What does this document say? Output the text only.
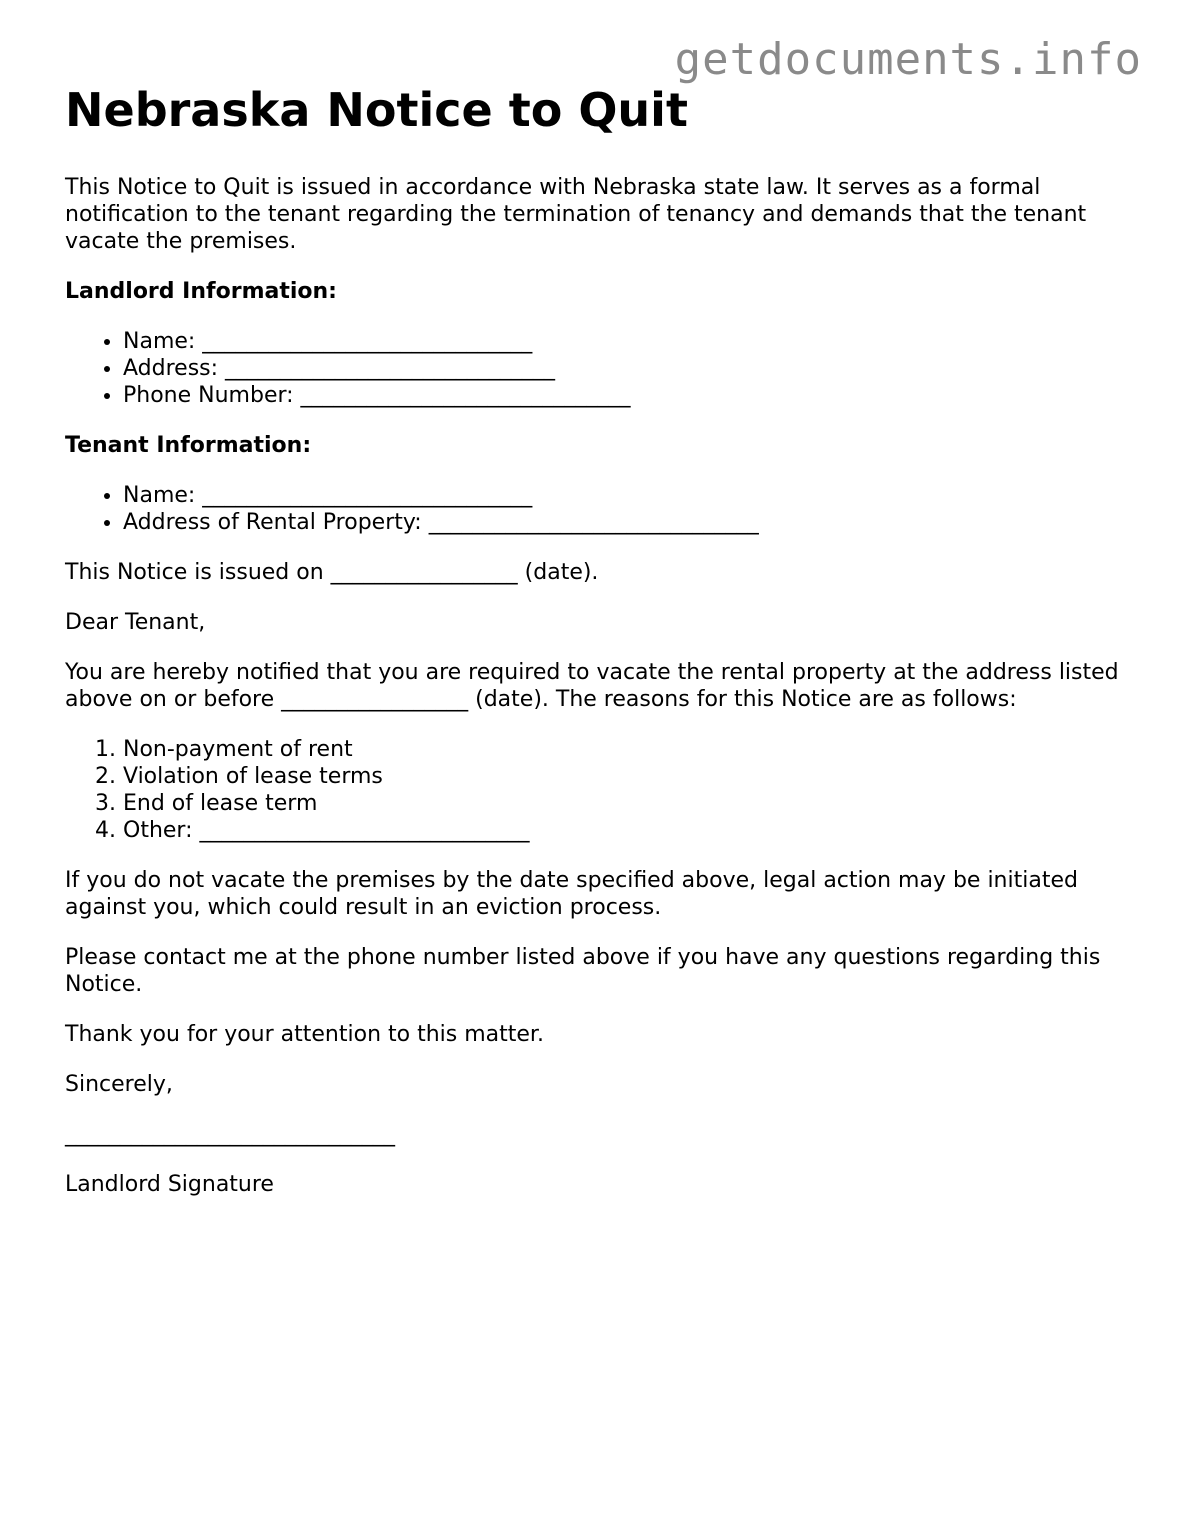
getdocuments.info
Nebraska Notice to Quit

This Notice to Quit is issued in accordance with Nebraska state law. It serves as a formal notification to the tenant regarding the termination of tenancy and demands that the tenant vacate the premises.

Landlord Information:

• Name: ______________________________
• Address: ______________________________
• Phone Number: ______________________________

Tenant Information:

• Name: ______________________________
• Address of Rental Property: ______________________________

This Notice is issued on _________________ (date).

Dear Tenant,

You are hereby notified that you are required to vacate the rental property at the address listed above on or before _________________ (date). The reasons for this Notice are as follows:

1. Non-payment of rent
2. Violation of lease terms
3. End of lease term
4. Other: ______________________________

If you do not vacate the premises by the date specified above, legal action may be initiated against you, which could result in an eviction process.

Please contact me at the phone number listed above if you have any questions regarding this Notice.

Thank you for your attention to this matter.

Sincerely,

______________________________

Landlord Signature
